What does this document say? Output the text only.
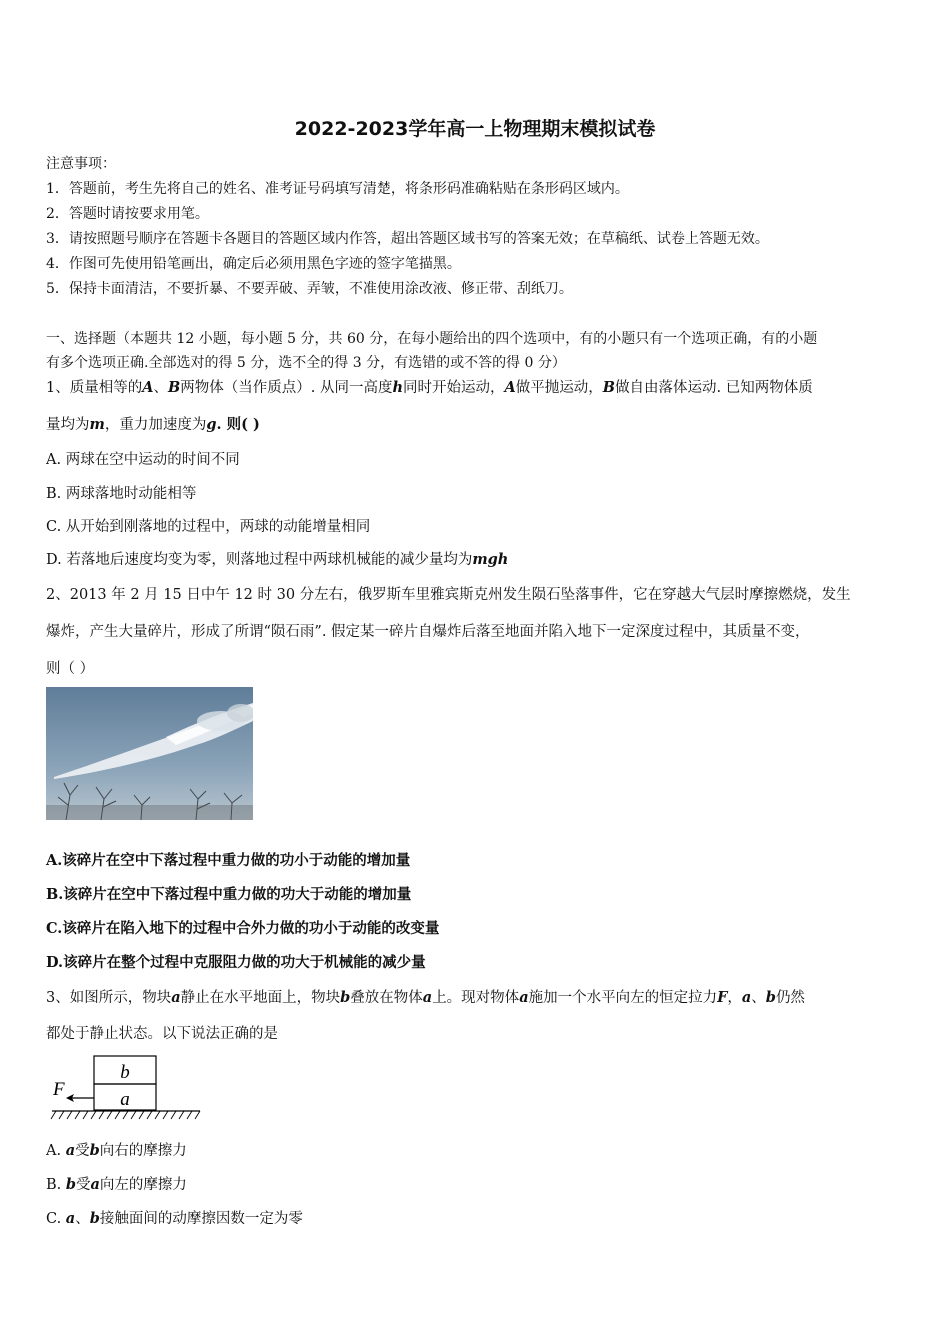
2022-2023学年高一上物理期末模拟试卷
注意事项：
1．答题前，考生先将自己的姓名、准考证号码填写清楚，将条形码准确粘贴在条形码区域内。
2．答题时请按要求用笔。
3．请按照题号顺序在答题卡各题目的答题区域内作答，超出答题区域书写的答案无效；在草稿纸、试卷上答题无效。
4．作图可先使用铅笔画出，确定后必须用黑色字迹的签字笔描黑。
5．保持卡面清洁，不要折暴、不要弄破、弄皱，不准使用涂改液、修正带、刮纸刀。
一、选择题（本题共 12 小题，每小题 5 分，共 60 分，在每小题给出的四个选项中，有的小题只有一个选项正确，有的小题
有多个选项正确.全部选对的得 5 分，选不全的得 3 分，有选错的或不答的得 0 分）
1、质量相等的A、B两物体（当作质点）. 从同一高度h同时开始运动，A做平抛运动，B做自由落体运动. 已知两物体质
量均为m，重力加速度为g. 则( )
A. 两球在空中运动的时间不同
B. 两球落地时动能相等
C. 从开始到刚落地的过程中，两球的动能增量相同
D. 若落地后速度均变为零，则落地过程中两球机械能的减少量均为mgh
2、2013 年 2 月 15 日中午 12 时 30 分左右，俄罗斯车里雅宾斯克州发生陨石坠落事件，它在穿越大气层时摩擦燃烧，发生
爆炸，产生大量碎片，形成了所谓“陨石雨”. 假定某一碎片自爆炸后落至地面并陷入地下一定深度过程中，其质量不变，
则（ ）
A.该碎片在空中下落过程中重力做的功小于动能的增加量
B.该碎片在空中下落过程中重力做的功大于动能的增加量
C.该碎片在陷入地下的过程中合外力做的功小于动能的改变量
D.该碎片在整个过程中克服阻力做的功大于机械能的减少量
3、如图所示，物块a静止在水平地面上，物块b叠放在物体a上。现对物体a施加一个水平向左的恒定拉力F，a、b仍然
都处于静止状态。以下说法正确的是
b
a
F
A. a受b向右的摩擦力
B. b受a向左的摩擦力
C. a、b接触面间的动摩擦因数一定为零
